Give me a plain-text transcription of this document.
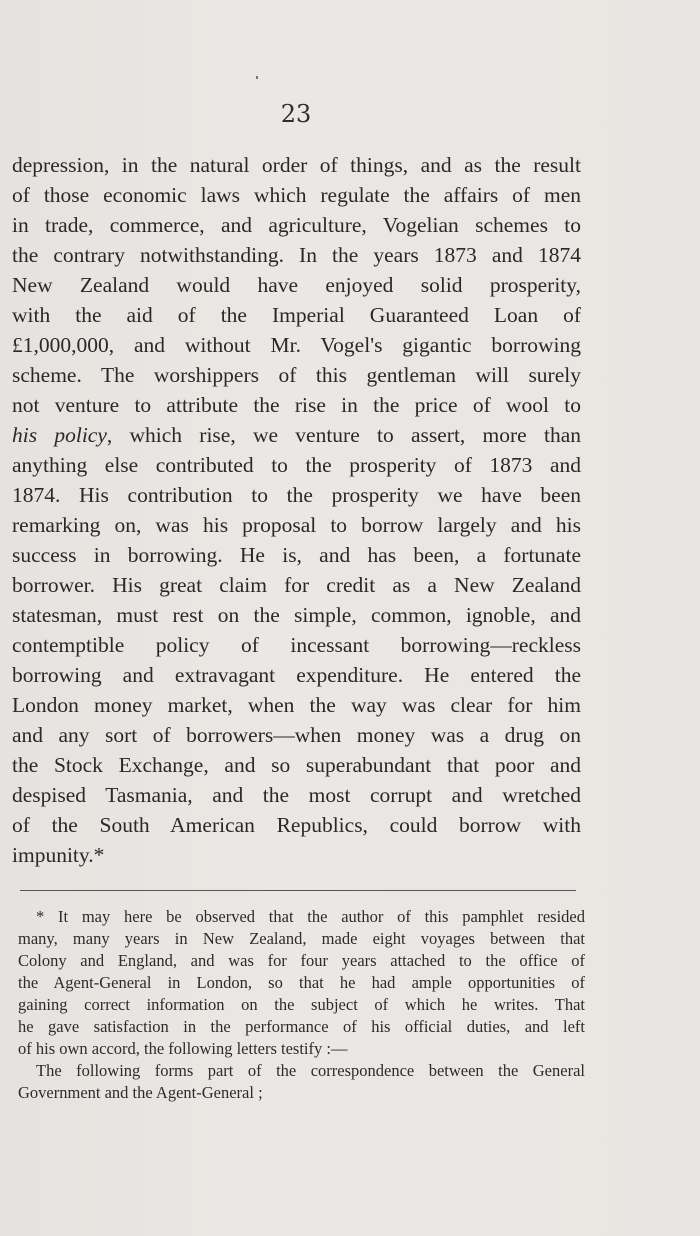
23
depression, in the natural order of things, and as the result
of those economic laws which regulate the affairs of men
in trade, commerce, and agriculture, Vogelian schemes to
the contrary notwithstanding. In the years 1873 and 1874
New Zealand would have enjoyed solid prosperity,
with the aid of the Imperial Guaranteed Loan of
£1,000,000, and without Mr. Vogel's gigantic borrowing
scheme. The worshippers of this gentleman will surely
not venture to attribute the rise in the price of wool to
his policy, which rise, we venture to assert, more than
anything else contributed to the prosperity of 1873 and
1874. His contribution to the prosperity we have been
remarking on, was his proposal to borrow largely and his
success in borrowing. He is, and has been, a fortunate
borrower. His great claim for credit as a New Zealand
statesman, must rest on the simple, common, ignoble, and
contemptible policy of incessant borrowing—reckless
borrowing and extravagant expenditure. He entered the
London money market, when the way was clear for him
and any sort of borrowers—when money was a drug on
the Stock Exchange, and so superabundant that poor and
despised Tasmania, and the most corrupt and wretched
of the South American Republics, could borrow with
impunity.*
* It may here be observed that the author of this pamphlet resided
many, many years in New Zealand, made eight voyages between that
Colony and England, and was for four years attached to the office of
the Agent-General in London, so that he had ample opportunities of
gaining correct information on the subject of which he writes. That
he gave satisfaction in the performance of his official duties, and left
of his own accord, the following letters testify :—
The following forms part of the correspondence between the General
Government and the Agent-General ;
